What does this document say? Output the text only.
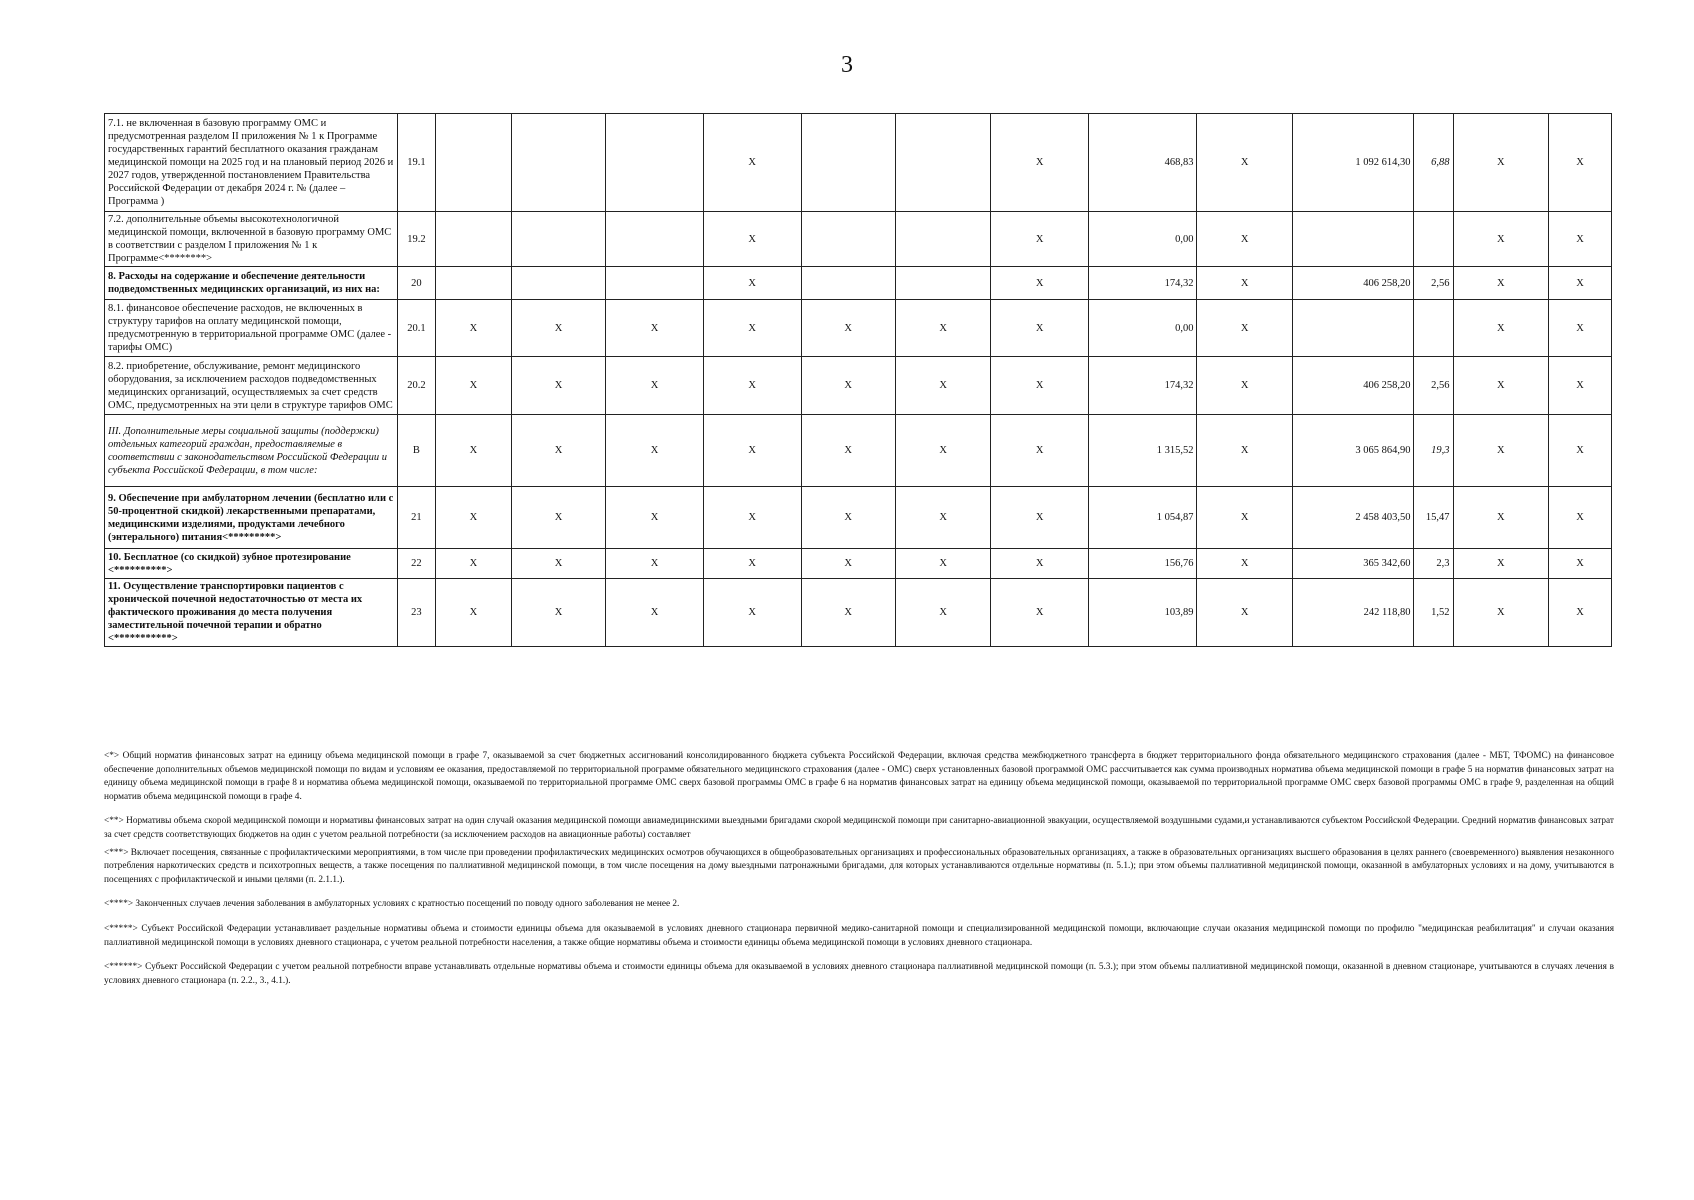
3
7.1. не включенная в базовую программу ОМС и предусмотренная разделом II приложения № 1 к Программе государственных гарантий бесплатного оказания гражданам медицинской помощи на 2025 год и на плановый период 2026 и 2027 годов, утвержденной постановлением Правительства Российской Федерации от декабря 2024 г. № (далее – Программа )	19.1				X			X	468,83	X	1 092 614,30	6,88	X	X
7.2. дополнительные объемы высокотехнологичной медицинской помощи, включенной в базовую программу ОМС в соответствии с разделом I приложения № 1 к Программе<********>	19.2				X			X	0,00	X			X	X
8. Расходы на содержание и обеспечение деятельности подведомственных медицинских организаций, из них на:	20				X			X	174,32	X	406 258,20	2,56	X	X
8.1. финансовое обеспечение расходов, не включенных в структуру тарифов на оплату медицинской помощи, предусмотренную в территориальной программе ОМС (далее - тарифы ОМС)	20.1	X	X	X	X	X	X	X	0,00	X			X	X
8.2. приобретение, обслуживание, ремонт медицинского оборудования, за исключением расходов подведомственных медицинских организаций, осуществляемых за счет средств ОМС, предусмотренных на эти цели в структуре тарифов ОМС	20.2	X	X	X	X	X	X	X	174,32	X	406 258,20	2,56	X	X
III. Дополнительные меры социальной защиты (поддержки) отдельных категорий граждан, предоставляемые в соответствии с законодательством Российской Федерации и субъекта Российской Федерации, в том числе:	В	X	X	X	X	X	X	X	1 315,52	X	3 065 864,90	19,3	X	X
9. Обеспечение при амбулаторном лечении (бесплатно или с 50-процентной скидкой) лекарственными препаратами, медицинскими изделиями, продуктами лечебного (энтерального) питания<*********>	21	X	X	X	X	X	X	X	1 054,87	X	2 458 403,50	15,47	X	X
10. Бесплатное (со скидкой) зубное протезирование <**********>	22	X	X	X	X	X	X	X	156,76	X	365 342,60	2,3	X	X
11. Осуществление транспортировки пациентов с хронической почечной недостаточностью от места их фактического проживания до места получения заместительной почечной терапии и обратно <***********>	23	X	X	X	X	X	X	X	103,89	X	242 118,80	1,52	X	X

<*> Общий норматив финансовых затрат на единицу объема медицинской помощи в графе 7, оказываемой за счет бюджетных ассигнований консолидированного бюджета субъекта Российской Федерации, включая средства межбюджетного трансферта в бюджет территориального фонда обязательного медицинского страхования (далее - МБТ, ТФОМС) на финансовое обеспечение дополнительных объемов медицинской помощи по видам и условиям ее оказания, предоставляемой по территориальной программе обязательного медицинского страхования (далее - ОМС) сверх установленных базовой программой ОМС рассчитывается как сумма производных норматива объема медицинской помощи в графе 5 на норматив финансовых затрат на единицу объема медицинской помощи в графе 8 и норматива объема медицинской помощи, оказываемой по территориальной программе ОМС сверх базовой программы ОМС в графе 6 на норматив финансовых затрат на единицу объема медицинской помощи, оказываемой по территориальной программе ОМС сверх базовой программы ОМС в графе 9, разделенная на общий норматив объема медицинской помощи в графе 4.

<**> Нормативы объема скорой медицинской помощи и нормативы финансовых затрат на один случай оказания медицинской помощи авиамедицинскими выездными бригадами скорой медицинской помощи при санитарно-авиационной эвакуации, осуществляемой воздушными судами,и устанавливаются субъектом Российской Федерации. Средний норматив финансовых затрат за счет средств соответствующих бюджетов на один с учетом реальной потребности (за исключением расходов на авиационные работы) составляет

<***> Включает посещения, связанные с профилактическими мероприятиями, в том числе при проведении профилактических медицинских осмотров обучающихся в общеобразовательных организациях и профессиональных образовательных организациях, а также в образовательных организациях высшего образования в целях раннего (своевременного) выявления незаконного потребления наркотических средств и психотропных веществ, а также посещения по паллиативной медицинской помощи, в том числе посещения на дому выездными патронажными бригадами, для которых устанавливаются отдельные нормативы (п. 5.1.); при этом объемы паллиативной медицинской помощи, оказанной в амбулаторных условиях и на дому, учитываются в посещениях с профилактической и иными целями (п. 2.1.1.).

<****> Законченных случаев лечения заболевания в амбулаторных условиях с кратностью посещений по поводу одного заболевания не менее 2.

<*****> Субъект Российской Федерации устанавливает раздельные нормативы объема и стоимости единицы объема для оказываемой в условиях дневного стационара первичной медико-санитарной помощи и специализированной медицинской помощи, включающие случаи оказания медицинской помощи по профилю "медицинская реабилитация" и случаи оказания паллиативной медицинской помощи в условиях дневного стационара, с учетом реальной потребности населения, а также общие нормативы объема и стоимости единицы объема медицинской помощи в условиях дневного стационара.

<******> Субъект Российской Федерации с учетом реальной потребности вправе устанавливать отдельные нормативы объема и стоимости единицы объема для оказываемой в условиях дневного стационара паллиативной медицинской помощи (п. 5.3.); при этом объемы паллиативной медицинской помощи, оказанной в дневном стационаре, учитываются в случаях лечения в условиях дневного стационара (п. 2.2., 3., 4.1.).
